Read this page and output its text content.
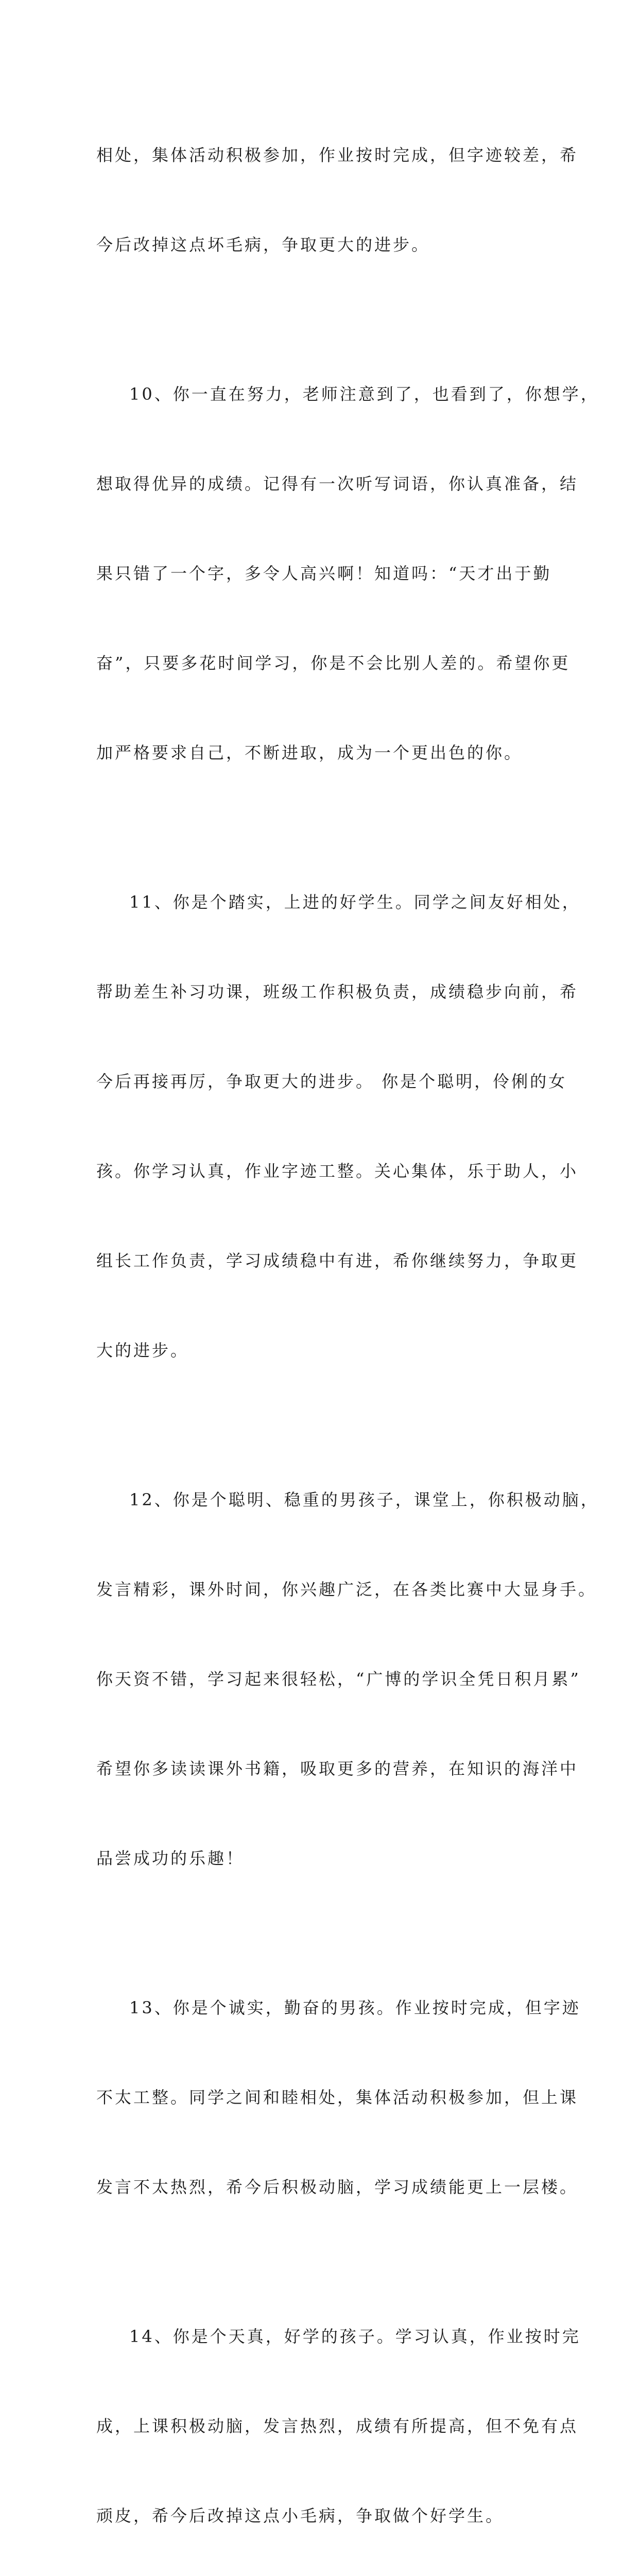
相处，集体活动积极参加，作业按时完成，但字迹较差，希

今后改掉这点坏毛病，争取更大的进步。

10、你一直在努力，老师注意到了，也看到了，你想学，

想取得优异的成绩。记得有一次听写词语，你认真准备，结

果只错了一个字，多令人高兴啊！知道吗：“天才出于勤

奋”，只要多花时间学习，你是不会比别人差的。希望你更

加严格要求自己，不断进取，成为一个更出色的你。

11、你是个踏实，上进的好学生。同学之间友好相处，

帮助差生补习功课，班级工作积极负责，成绩稳步向前，希

今后再接再厉，争取更大的进步。 你是个聪明，伶俐的女

孩。你学习认真，作业字迹工整。关心集体，乐于助人，小

组长工作负责，学习成绩稳中有进，希你继续努力，争取更

大的进步。

12、你是个聪明、稳重的男孩子，课堂上，你积极动脑，

发言精彩，课外时间，你兴趣广泛，在各类比赛中大显身手。

你天资不错，学习起来很轻松，“广博的学识全凭日积月累”

希望你多读读课外书籍，吸取更多的营养，在知识的海洋中

品尝成功的乐趣！

13、你是个诚实，勤奋的男孩。作业按时完成，但字迹

不太工整。同学之间和睦相处，集体活动积极参加，但上课

发言不太热烈，希今后积极动脑，学习成绩能更上一层楼。

14、你是个天真，好学的孩子。学习认真，作业按时完

成，上课积极动脑，发言热烈，成绩有所提高，但不免有点

顽皮，希今后改掉这点小毛病，争取做个好学生。
